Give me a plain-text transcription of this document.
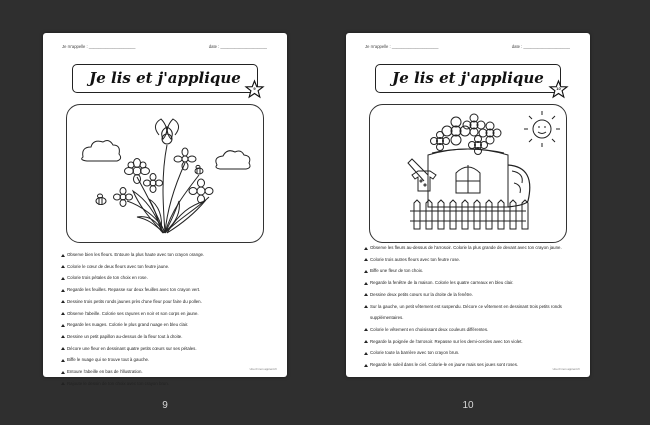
Je m'appelle : ____________________	date : ____________________
Je lis et j'applique
9
Observe bien les fleurs. Entoure la plus haute avec ton crayon orange.
Colorie le cœur de deux fleurs avec ton feutre jaune.
Colorie trois pétales de ton choix en rose.
Regarde les feuilles. Repasse sur deux feuilles avec ton crayon vert.
Dessine trois petits ronds jaunes près d'une fleur pour faire du pollen.
Observe l'abeille. Colorie ses rayures en noir et son corps en jaune.
Regarde les nuages. Colorie le plus grand nuage en bleu clair.
Dessine un petit papillon au-dessus de la fleur tout à droite.
Décore une fleur en dessinant quatre petits cœurs sur ses pétales.
Biffe le nuage qui se trouve tout à gauche.
Entoure l'abeille en bas de l'illustration.
Rajoute le dessin de ton choix avec ton crayon brun.
Une ill mon apprenti.fr
Je m'appelle : ____________________	date : ____________________
Je lis et j'applique
10
Observe les fleurs au-dessus de l'arrosoir. Colorie la plus grande de devant avec ton crayon jaune.
Colorie trois autres fleurs avec ton feutre rose.
Biffe une fleur de ton choix.
Regarde la fenêtre de la maison. Colorie les quatre carreaux en bleu clair.
Dessine deux petits cœurs sur la droite de la fenêtre.
Sur la gauche, un petit vêtement est suspendu. Décore ce vêtement en dessinant trois petits ronds supplémentaires.
Colorie le vêtement en choisissant deux couleurs différentes.
Regarde la poignée de l'arrosoir. Repasse sur les demi-cercles avec ton violet.
Colorie toute la barrière avec ton crayon brun.
Regarde le soleil dans le ciel. Colorie-le en jaune mais ses joues sont roses.
Une ill mon apprenti.fr
9	10
